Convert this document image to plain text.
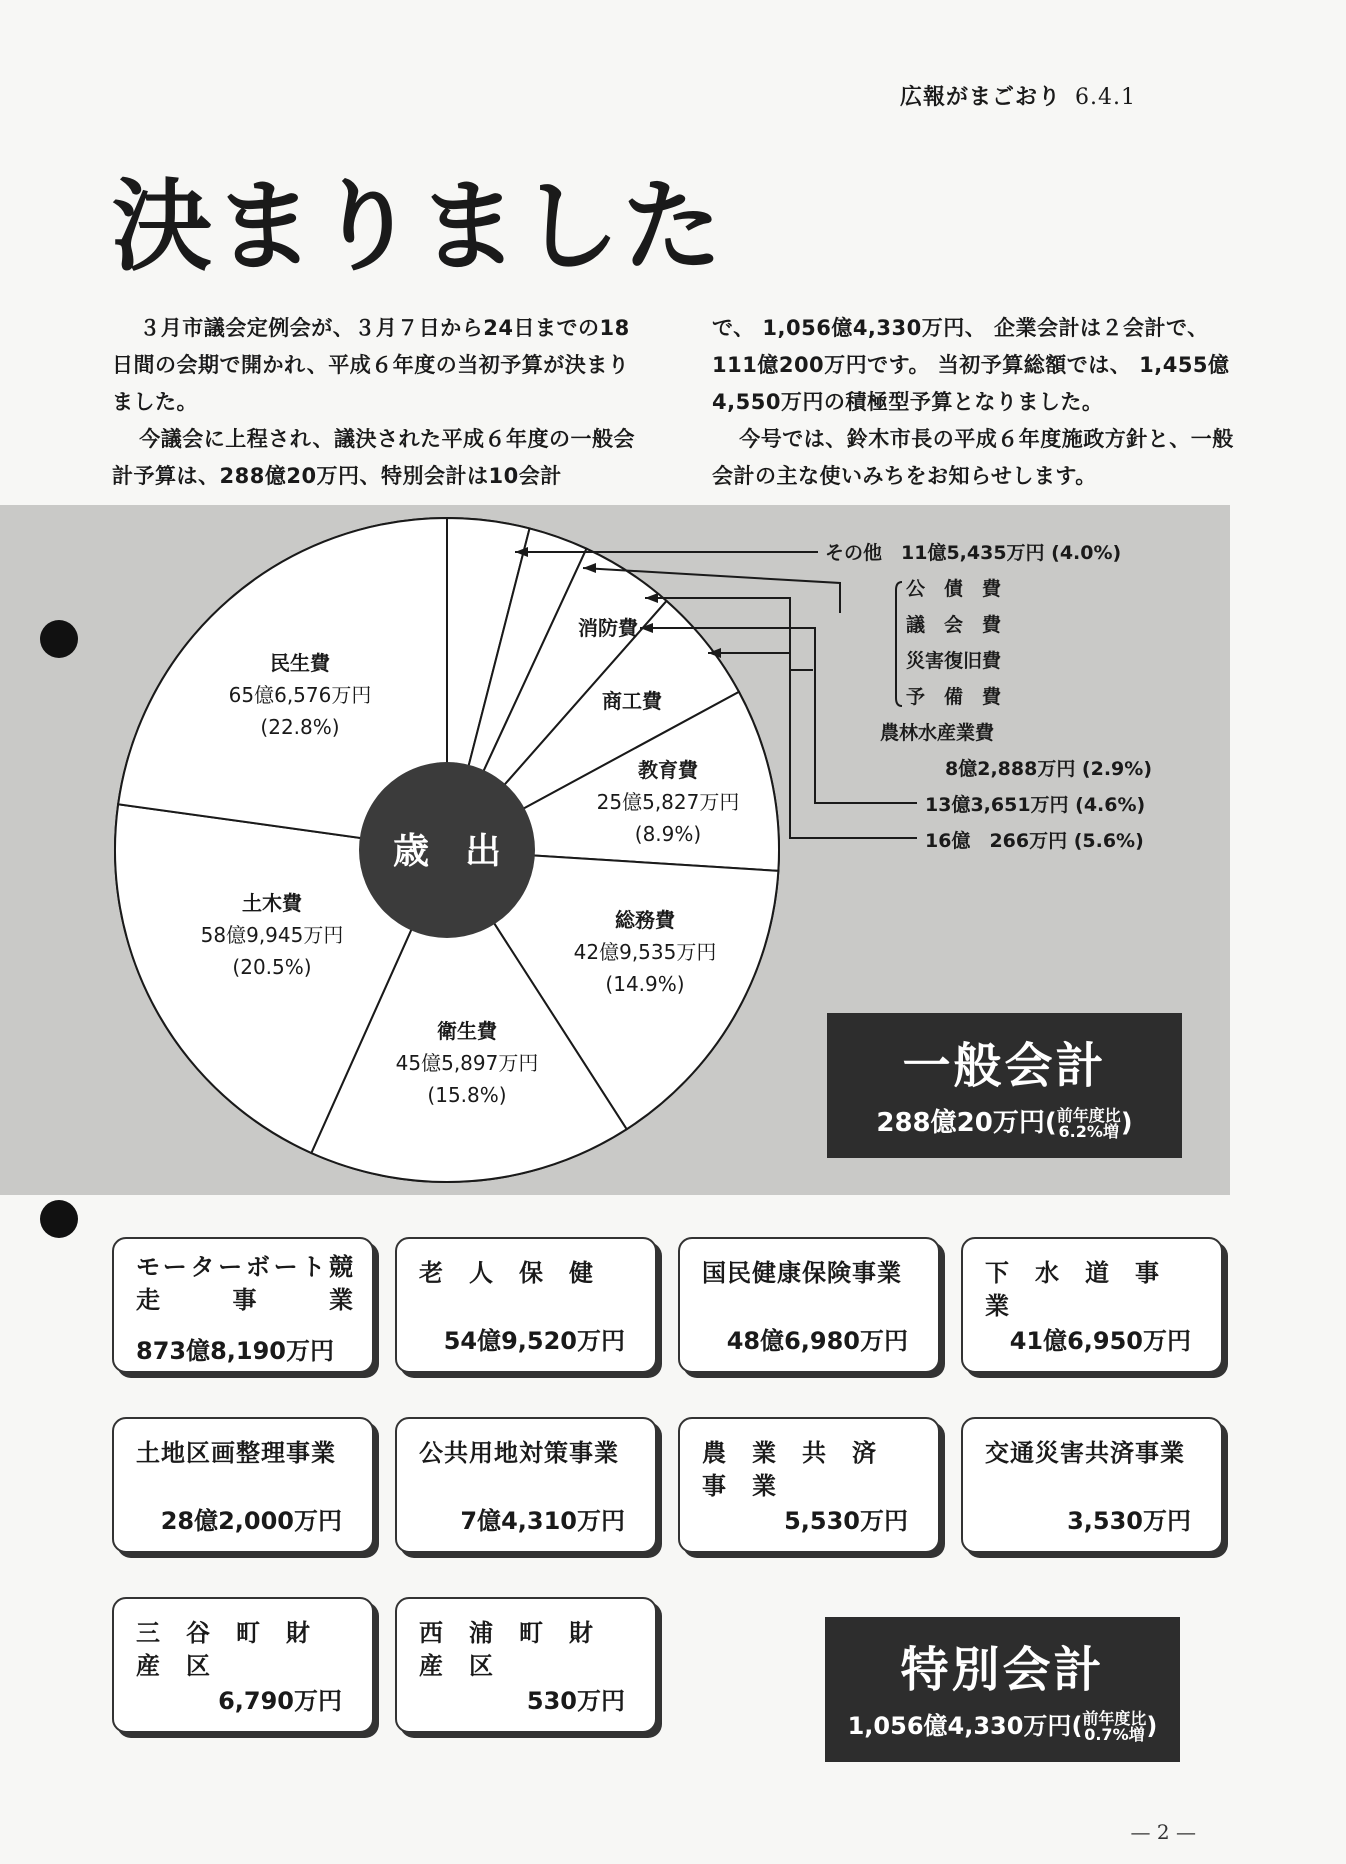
広報がまごおり 6.4.1
決まりました

３月市議会定例会が、３月７日から24日までの18日間の会期で開かれ、平成６年度の当初予算が決まりました。

今議会に上程され、議決された平成６年度の一般会計予算は、288億20万円、特別会計は10会計

で、 1,056億4,330万円、 企業会計は２会計で、111億200万円です。 当初予算総額では、 1,455億4,550万円の積極型予算となりました。

今号では、鈴木市長の平成６年度施政方針と、一般会計の主な使いみちをお知らせします。

歳　出
民生費
65億6,576万円
(22.8%)
土木費
58億9,945万円
(20.5%)
衛生費
45億5,897万円
(15.8%)
総務費
42億9,535万円
(14.9%)
教育費
25億5,827万円
(8.9%)
商工費
消防費
その他　11億5,435万円 (4.0%)
公　債　費
議　会　費
災害復旧費
予　備　費
農林水産業費
8億2,888万円 (2.9%)
13億3,651万円 (4.6%)
16億　266万円 (5.6%)
一般会計
288億20万円(前年度比
6.2%増)
モーターボート競　走　事　業
873億8,190万円
老　人　保　健
54億9,520万円
国民健康保険事業
48億6,980万円
下　水　道　事　業
41億6,950万円
土地区画整理事業
28億2,000万円
公共用地対策事業
7億4,310万円
農　業　共　済　事　業
5,530万円
交通災害共済事業
3,530万円
三　谷　町　財　産　区
6,790万円
西　浦　町　財　産　区
530万円
特別会計
1,056億4,330万円(前年度比
0.7%増)
— 2 —
